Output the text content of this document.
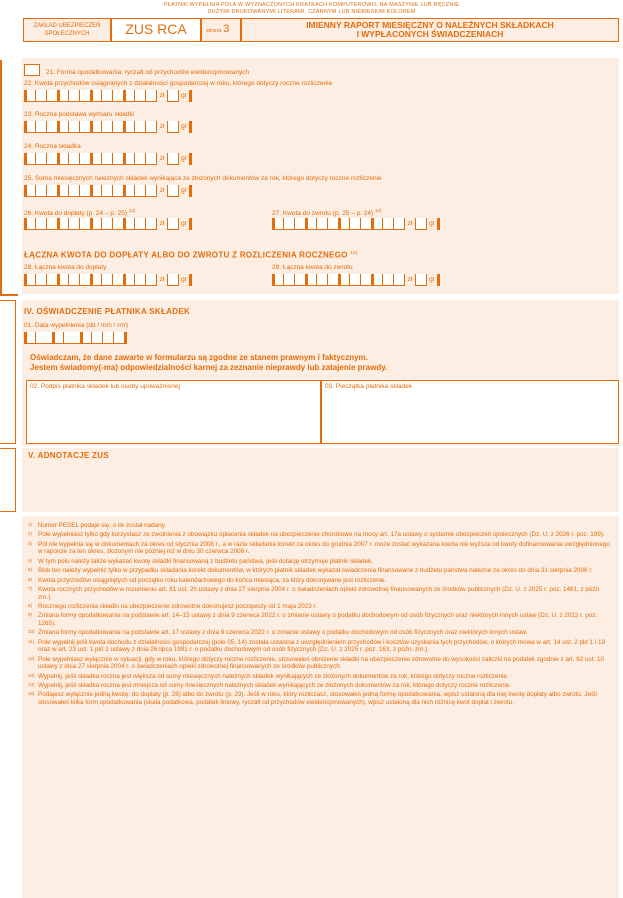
PŁATNIK WYPEŁNIA POLA W WYZNACZONYCH KRATKACH KOMPUTEROWO, NA MASZYNIE LUB RĘCZNIE
DUŻYMI DRUKOWANYMI LITERAMI, CZARNYM LUB NIEBIESKIM KOLOREM
ZAKŁAD UBEZPIECZEŃ
SPOŁECZNYCH	ZUS RCA	strona 3	IMIENNY RAPORT MIESIĘCZNY O NALEŻNYCH SKŁADKACH
I WYPŁACONYCH ŚWIADCZENIACH
21. Forma opodatkowania: ryczałt od przychodów ewidencjonowanych
22. Kwota przychodów osiągniętych z działalności gospodarczej w roku, którego dotyczy roczne rozliczenie
zł	gr
23. Roczna podstawa wymiaru składki
zł	gr
24. Roczna składka
zł	gr
25. Suma miesięcznych należnych składek wynikająca ze złożonych dokumentów za rok, którego dotyczy roczne rozliczenie
zł	gr
26. Kwota do dopłaty (p. 24 – p. 25) $^{13)}$
zł	gr
27. Kwota do zwrotu (p. 25 – p. 24) $^{14)}$
zł	gr
ŁĄCZNA KWOTA DO DOPŁATY ALBO DO ZWROTU Z ROZLICZENIA ROCZNEGO $^{15)}$
28. Łączna kwota do dopłaty
zł	gr
29. Łączna kwota do zwrotu
zł	gr
IV. OŚWIADCZENIE PŁATNIKA SKŁADEK
01. Data wypełnienia (dd / mm / rrrr)
Oświadczam, że dane zawarte w formularzu są zgodne ze stanem prawnym i faktycznym.
Jestem świadomy(-ma) odpowiedzialności karnej za zeznanie nieprawdy lub zatajenie prawdy.
02. Podpis płatnika składek lub osoby upoważnionej	03. Pieczątka płatnika składek
V. ADNOTACJE ZUS
1) Numer PESEL podaje się, o ile został nadany.
2) Pole wypełniasz tylko gdy korzystasz ze zwolnienia z obowiązku opłacenia składek na ubezpieczenie chorobowe na mocy art. 17a ustawy o systemie ubezpieczeń społecznych (Dz. U. z 2026 r. poz. 199).
3) Pól nie wypełnia się w dokumentach za okres od stycznia 2008 r., a w razie składania korekt za okres do grudnia 2007 r. może zostać wykazana kwota nie wyższa od kwoty dofinansowania uwzględnionego w raporcie za ten okres, złożonym nie później niż w dniu 30 czerwca 2008 r.
4) W tym polu należy także wykazać kwotę składki finansowaną z budżetu państwa, jeśli dotację otrzymuje płatnik składek.
5) Blok ten należy wypełnić tylko w przypadku składania korekt dokumentów, w których płatnik składek wykazał świadczenia finansowane z budżetu państwa należne za okres do dnia 31 sierpnia 2006 r.
6) Kwota przychodów osiągniętych od początku roku kalendarzowego do końca miesiąca, za który dokonywane jest rozliczenie.
7) Kwota rocznych przychodów w rozumieniu art. 81 ust. 2h ustawy z dnia 27 sierpnia 2004 r. o świadczeniach opieki zdrowotnej finansowanych ze środków publicznych (Dz. U. z 2025 r. poz. 1461, z późn. zm.).
8) Rocznego rozliczenia składki na ubezpieczenie zdrowotne dokonujesz począwszy od 1 maja 2023 r.
9) Zmiana formy opodatkowania na podstawie art. 14–15 ustawy z dnia 9 czerwca 2022 r. o zmianie ustawy o podatku dochodowym od osób fizycznych oraz niektórych innych ustaw (Dz. U. z 2022 r. poz. 1265).
10) Zmiana formy opodatkowania na podstawie art. 17 ustawy z dnia 9 czerwca 2022 r. o zmianie ustawy o podatku dochodowym od osób fizycznych oraz niektórych innych ustaw.
11) Pole wypełnij jeśli kwota dochodu z działalności gospodarczej (pole 05, 14) została ustalona z uwzględnieniem przychodów i kosztów uzyskania tych przychodów, o których mowa w art. 14 ust. 2 pkt 1 i 19 oraz w art. 23 ust. 1 pkt 1 ustawy z dnia 26 lipca 1991 r. o podatku dochodowym od osób fizycznych (Dz. U. z 2025 r. poz. 163, z późn. zm.).
12) Pole wypełniasz wyłącznie w sytuacji, gdy w roku, którego dotyczy roczne rozliczenie, stosowałeś obniżenie składki na ubezpieczenie zdrowotne do wysokości zaliczki na podatek zgodnie z art. 82 ust. 10 ustawy z dnia 27 sierpnia 2004 r. o świadczeniach opieki zdrowotnej finansowanych ze środków publicznych.
13) Wypełnij, jeśli składka roczna jest większa od sumy miesięcznych należnych składek wynikających ze złożonych dokumentów za rok, którego dotyczy roczne rozliczenie.
14) Wypełnij, jeśli składka roczna jest mniejsza od sumy miesięcznych należnych składek wynikających ze złożonych dokumentów za rok, którego dotyczy roczne rozliczenie.
15) Podajesz wyłącznie jedną kwotę: do dopłaty (p. 28) albo do zwrotu (p. 29). Jeśli w roku, który rozliczasz, stosowałeś jedną formę opodatkowania, wpisz ustaloną dla niej kwotę dopłaty albo zwrotu. Jeśli stosowałeś kilka form opodatkowania (skala podatkowa, podatek liniowy, ryczałt od przychodów ewidencjonowanych), wpisz ustaloną dla nich różnicę kwot dopłat i zwrotu.
